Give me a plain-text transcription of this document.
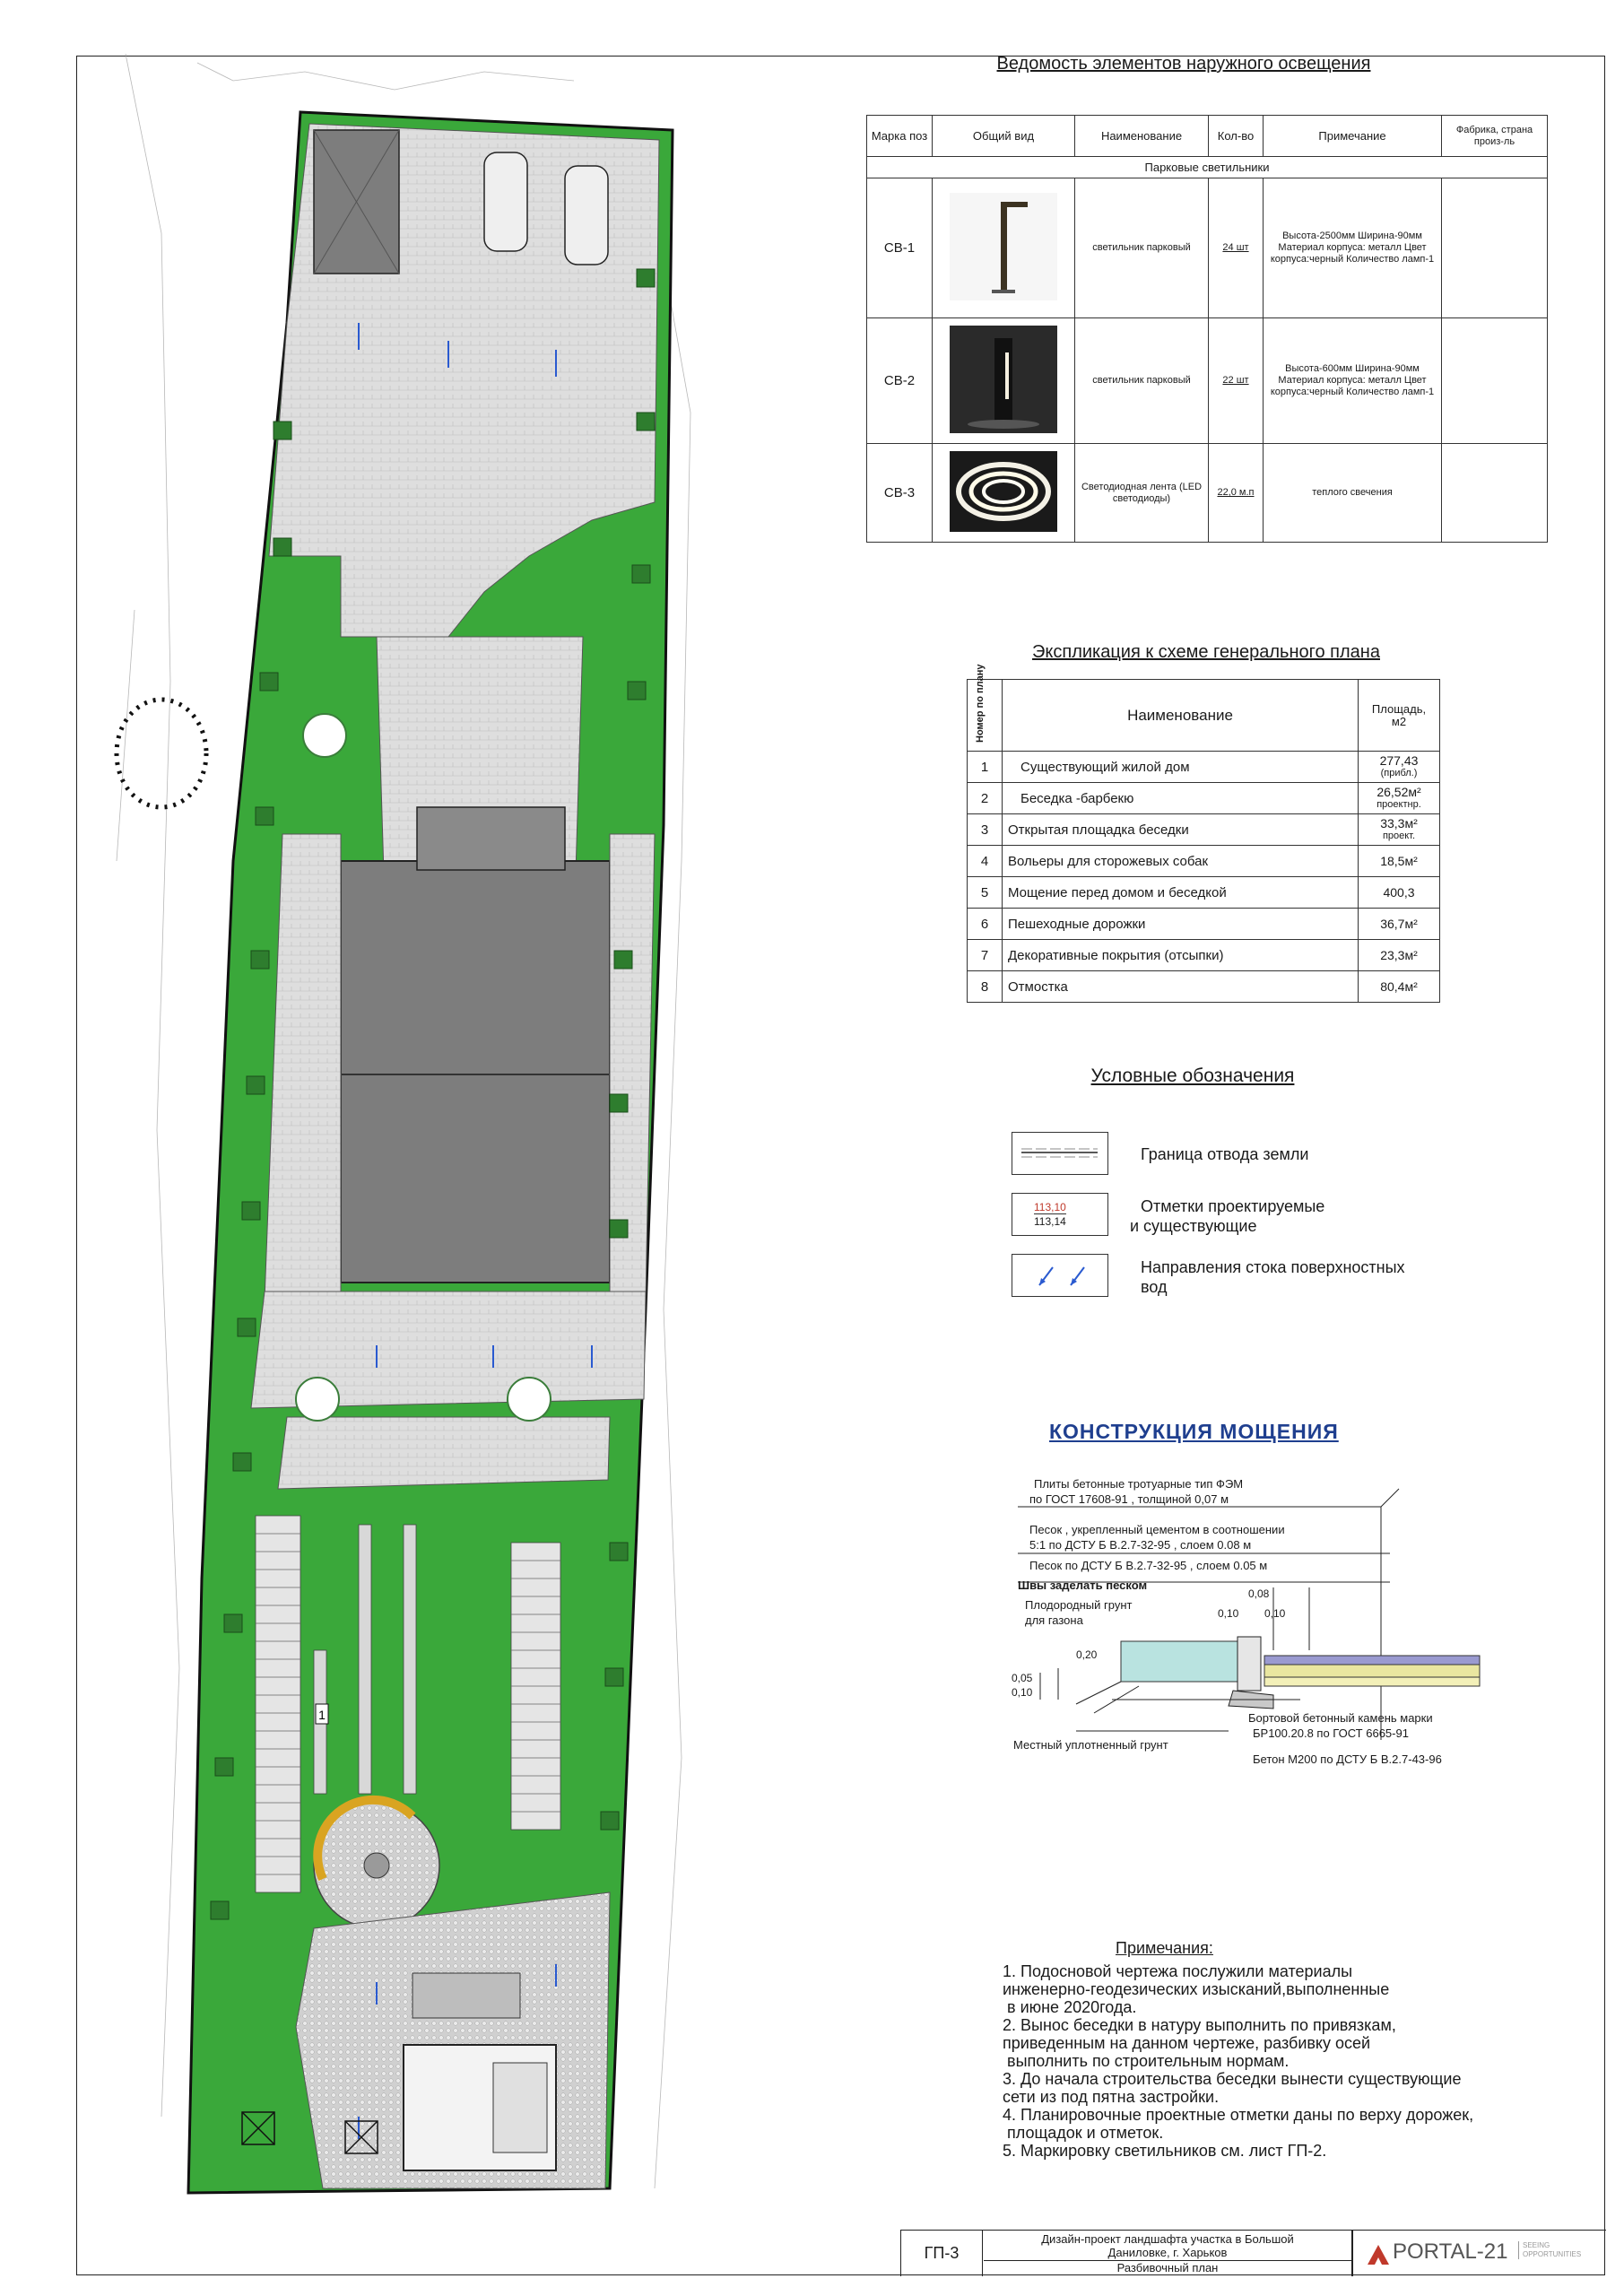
1
Ведомость элементов наружного освещения
Марка поз	Общий вид	Наименование	Кол-во	Примечание	Фабрика, страна произ-ль
Парковые светильники					
СВ-1		светильник парковый	24 шт	Высота-2500мм Ширина-90мм Материал корпуса: металл Цвет корпуса:черный Количество ламп-1	
СВ-2		светильник парковый	22 шт	Высота-600мм Ширина-90мм Материал корпуса: металл Цвет корпуса:черный Количество ламп-1	
СВ-3		Светодиодная лента (LED светодиоды)	22,0 м.п	теплого свечения	
Экспликация к схеме генерального плана
Номер по плану	Наименование	Площадь, м2
1	Существующий жилой дом	277,43
(прибл.)

2	Беседка -барбекю	26,52м²
проектнр.

3	Открытая площадка беседки	33,3м²
проект.

4	Вольеры для сторожевых собак	18,5м²
5	Мощение перед домом и беседкой	400,3
6	Пешеходные дорожки	36,7м²
7	Декоративные покрытия (отсыпки)	23,3м²
8	Отмостка	80,4м²
Условные обозначения
Граница отвода земли
113,10
113,14
Отметки проектируемые
и существующие
Направления стока поверхностных
вод
КОНСТРУКЦИЯ МОЩЕНИЯ
Плиты бетонные тротуарные тип ФЭМ
по ГОСТ 17608-91 , толщиной 0,07 м
Песок , укрепленный цементом в соотношении
5:1 по ДСТУ Б В.2.7-32-95 , слоем 0.08 м
Песок по ДСТУ Б В.2.7-32-95 , слоем 0.05 м
Швы заделать песком
Плодородный грунт
для газона
Местный уплотненный грунт
Бортовой бетонный камень марки
БР100.20.8 по ГОСТ 6665-91
Бетон М200 по ДСТУ Б В.2.7-43-96
0,08
0,10 0,10
0,20
0,05
0,10
Примечания:
1. Подосновой чертежа послужили материалы
инженерно-геодезических изысканий,выполненные
в июне 2020года.
2. Вынос беседки в натуру выполнить по привязкам,
приведенным на данном чертеже, разбивку осей
выполнить по строительным нормам.
3. До начала строительства беседки вынести существующие
сети из под пятна застройки.
4. Планировочные проектные отметки даны по верху дорожек,
площадок и отметок.
5. Маркировку светильников см. лист ГП-2.
ГП-3
Дизайн-проект ландшафта участка в Большой
Даниловке, г. Харьков
Разбивочный план
PORTAL-21 SEEING
OPPORTUNITIES
